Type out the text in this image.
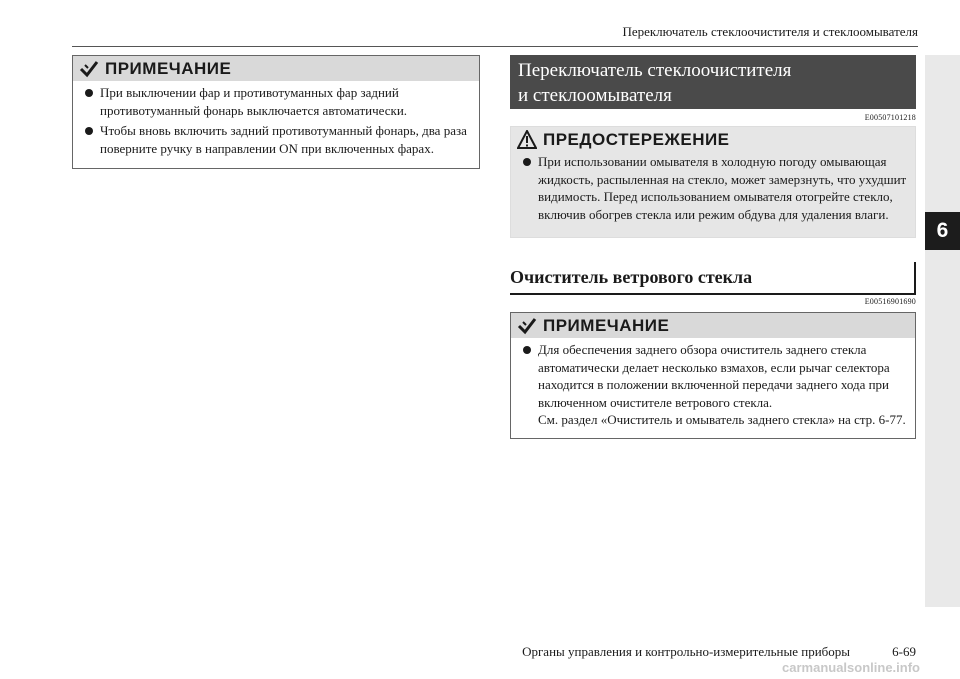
Переключатель стеклоочистителя и стеклоомывателя
6
ПРИМЕЧАНИЕ
При выключении фар и противотуманных фар задний противотуманный фонарь выключается автоматически.
Чтобы вновь включить задний противотуманный фонарь, два раза поверните ручку в направлении ON при включенных фарах.
Переключатель стеклоочистителя
и стеклоомывателя
E00507101218
ПРЕДОСТЕРЕЖЕНИЕ
При использовании омывателя в холодную погоду омывающая жидкость, распыленная на стекло, может замерзнуть, что ухудшит видимость. Перед использованием омывателя отогрейте стекло, включив обогрев стекла или режим обдува для удаления влаги.
Очиститель ветрового стекла
E00516901690
ПРИМЕЧАНИЕ

Для обеспечения заднего обзора очиститель заднего стекла автоматически делает несколько взмахов, если рычаг селектора находится в положении включенной передачи заднего хода при включенном очистителе ветрового стекла.

См. раздел «Очиститель и омыватель заднего стекла» на стр. 6-77.

Органы управления и контрольно-измерительные приборы	6-69
carmanualsonline.info
